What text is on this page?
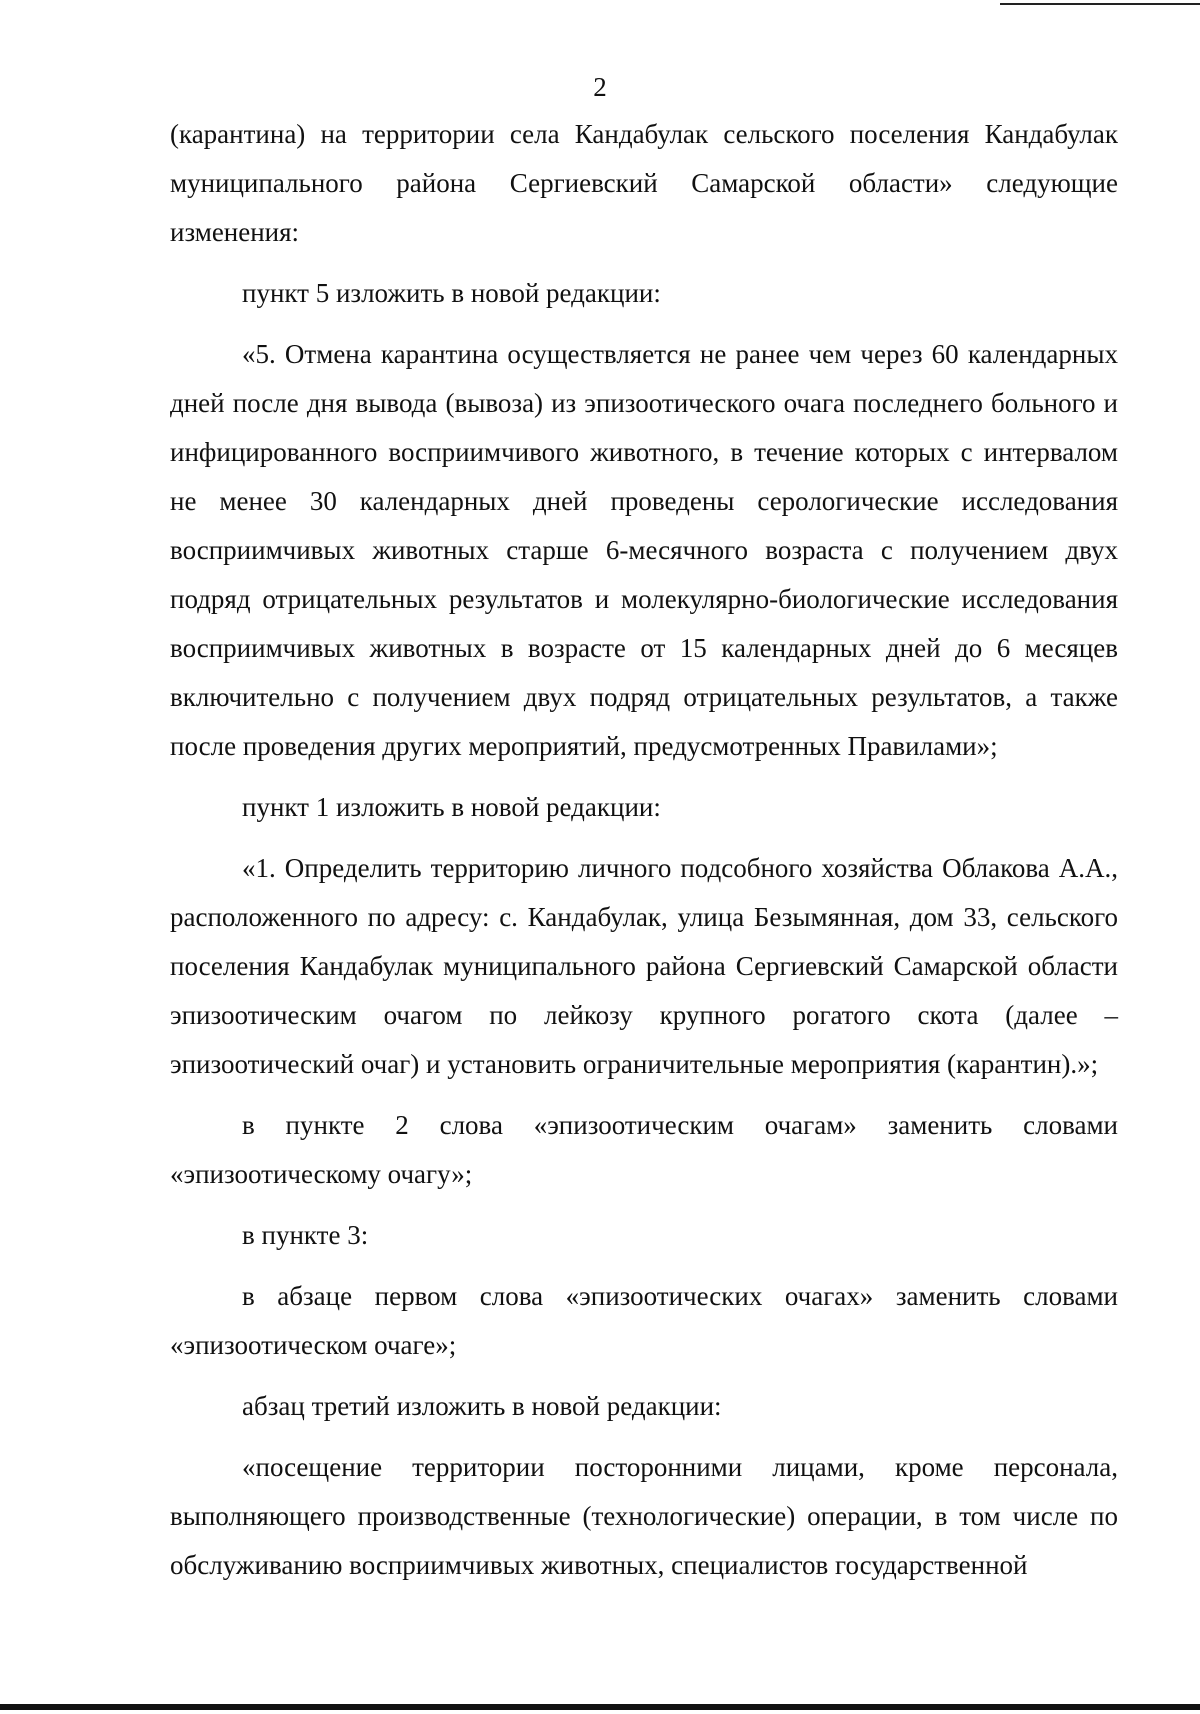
2

(карантина) на территории села Кандабулак сельского поселения Кандабулак муниципального района Сергиевский Самарской области» следующие изменения:

пункт 5 изложить в новой редакции:

«5. Отмена карантина осуществляется не ранее чем через 60 календарных дней после дня вывода (вывоза) из эпизоотического очага последнего больного и инфицированного восприимчивого животного, в течение которых с интервалом не менее 30 календарных дней проведены серологические исследования восприимчивых животных старше 6-месячного возраста с получением двух подряд отрицательных результатов и молекулярно-биологические исследования восприимчивых животных в возрасте от 15 календарных дней до 6 месяцев включительно с получением двух подряд отрицательных результатов, а также после проведения других мероприятий, предусмотренных Правилами»;

пункт 1 изложить в новой редакции:

«1. Определить территорию личного подсобного хозяйства Облакова А.А., расположенного по адресу: с. Кандабулак, улица Безымянная, дом 33, сельского поселения Кандабулак муниципального района Сергиевский Самарской области эпизоотическим очагом по лейкозу крупного рогатого скота (далее – эпизоотический очаг) и установить ограничительные мероприятия (карантин).»;

в пункте 2 слова «эпизоотическим очагам» заменить словами «эпизоотическому очагу»;

в пункте 3:

в абзаце первом слова «эпизоотических очагах» заменить словами «эпизоотическом очаге»;

абзац третий изложить в новой редакции:

«посещение территории посторонними лицами, кроме персонала, выполняющего производственные (технологические) операции, в том числе по обслуживанию восприимчивых животных, специалистов государственной
